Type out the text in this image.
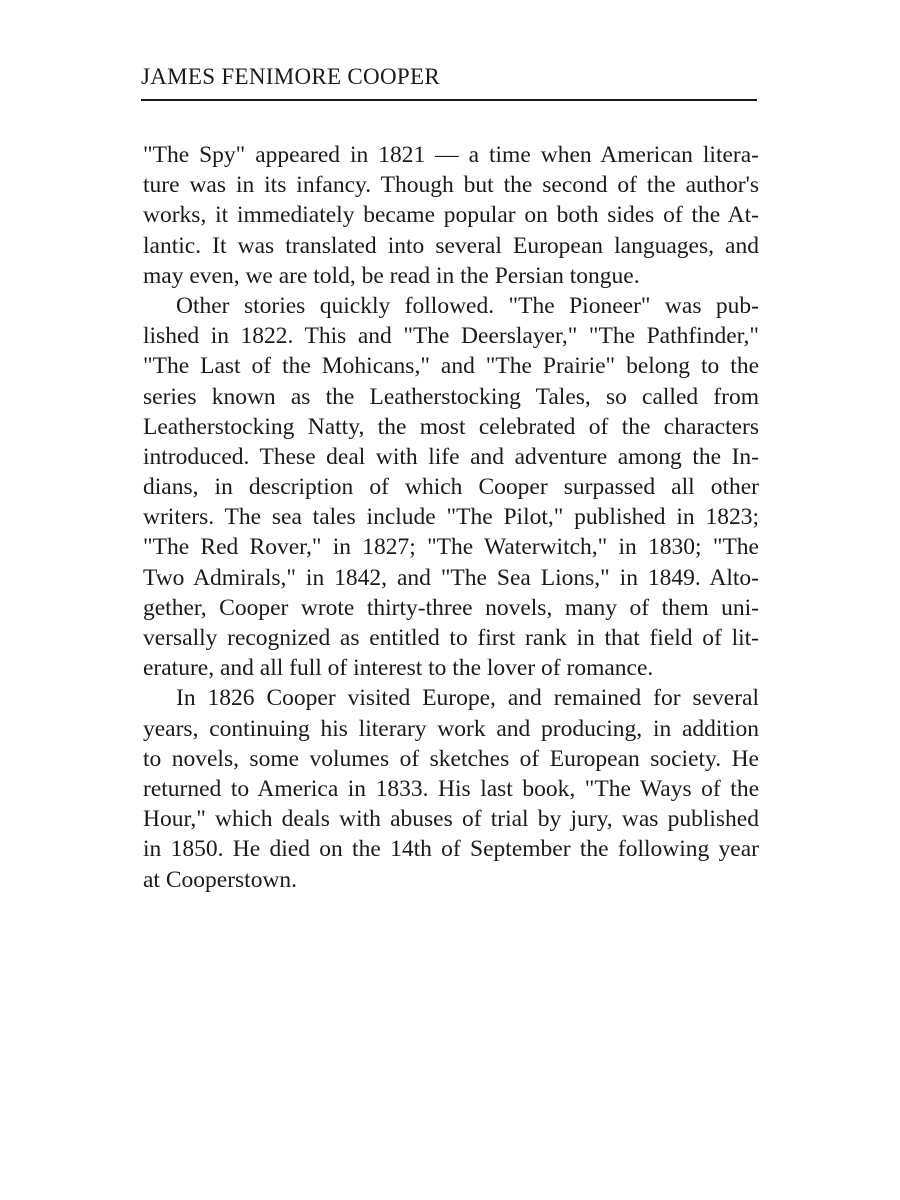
JAMES FENIMORE COOPER
"The Spy" appeared in 1821 — a time when American litera-
ture was in its infancy. Though but the second of the author's
works, it immediately became popular on both sides of the At-
lantic. It was translated into several European languages, and
may even, we are told, be read in the Persian tongue.
Other stories quickly followed. "The Pioneer" was pub-
lished in 1822. This and "The Deerslayer," "The Pathfinder,"
"The Last of the Mohicans," and "The Prairie" belong to the
series known as the Leatherstocking Tales, so called from
Leatherstocking Natty, the most celebrated of the characters
introduced. These deal with life and adventure among the In-
dians, in description of which Cooper surpassed all other
writers. The sea tales include "The Pilot," published in 1823;
"The Red Rover," in 1827; "The Waterwitch," in 1830; "The
Two Admirals," in 1842, and "The Sea Lions," in 1849. Alto-
gether, Cooper wrote thirty-three novels, many of them uni-
versally recognized as entitled to first rank in that field of lit-
erature, and all full of interest to the lover of romance.
In 1826 Cooper visited Europe, and remained for several
years, continuing his literary work and producing, in addition
to novels, some volumes of sketches of European society. He
returned to America in 1833. His last book, "The Ways of the
Hour," which deals with abuses of trial by jury, was published
in 1850. He died on the 14th of September the following year
at Cooperstown.
